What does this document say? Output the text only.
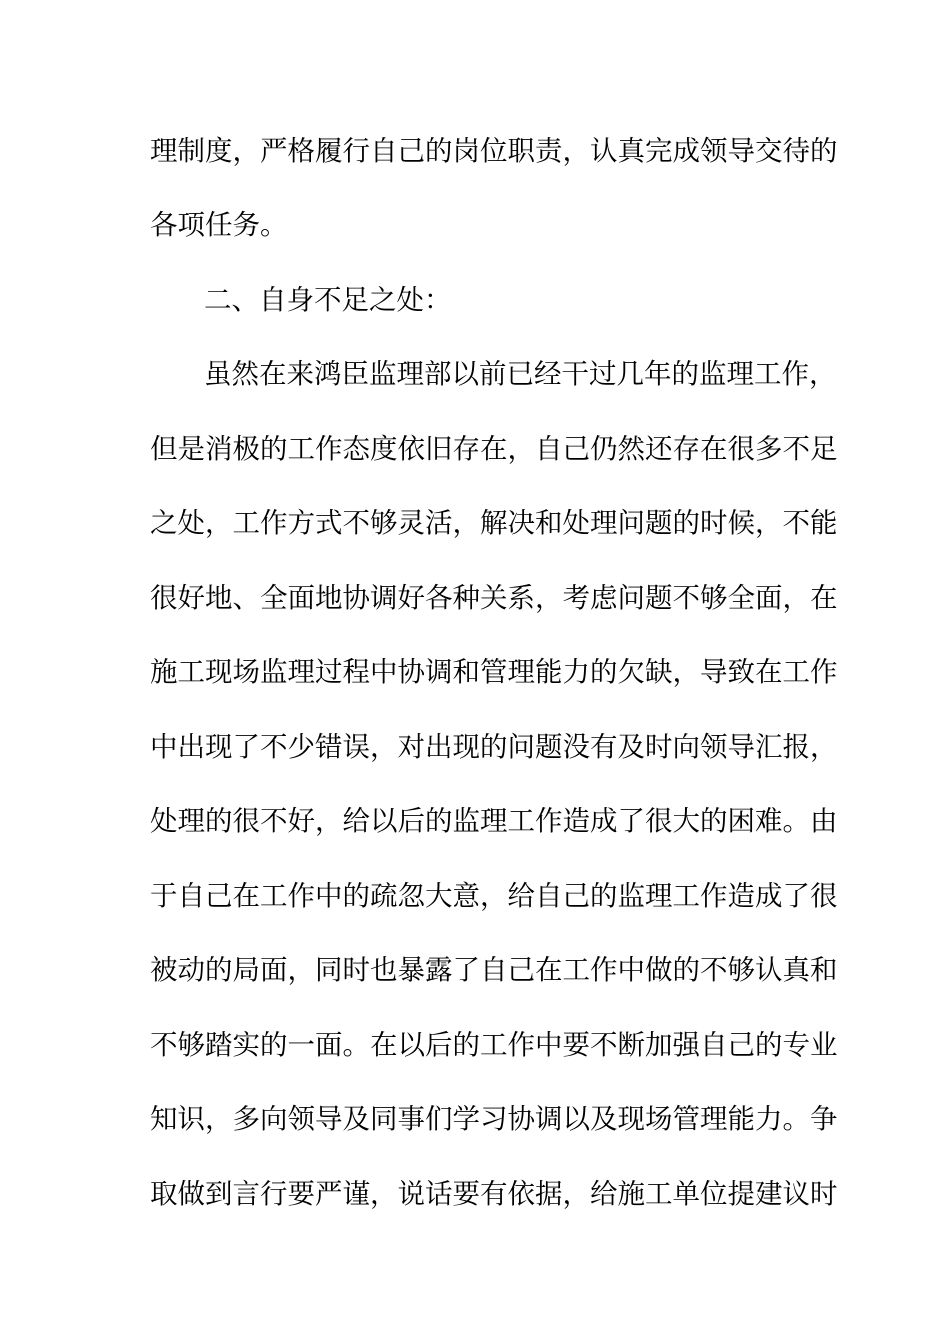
理制度，严格履行自己的岗位职责，认真完成领导交待的
各项任务。
二、自身不足之处：
虽然在来鸿臣监理部以前已经干过几年的监理工作，
但是消极的工作态度依旧存在，自己仍然还存在很多不足
之处，工作方式不够灵活，解决和处理问题的时候，不能
很好地、全面地协调好各种关系，考虑问题不够全面，在
施工现场监理过程中协调和管理能力的欠缺，导致在工作
中出现了不少错误，对出现的问题没有及时向领导汇报，
处理的很不好，给以后的监理工作造成了很大的困难。由
于自己在工作中的疏忽大意，给自己的监理工作造成了很
被动的局面，同时也暴露了自己在工作中做的不够认真和
不够踏实的一面。在以后的工作中要不断加强自己的专业
知识，多向领导及同事们学习协调以及现场管理能力。争
取做到言行要严谨，说话要有依据，给施工单位提建议时
